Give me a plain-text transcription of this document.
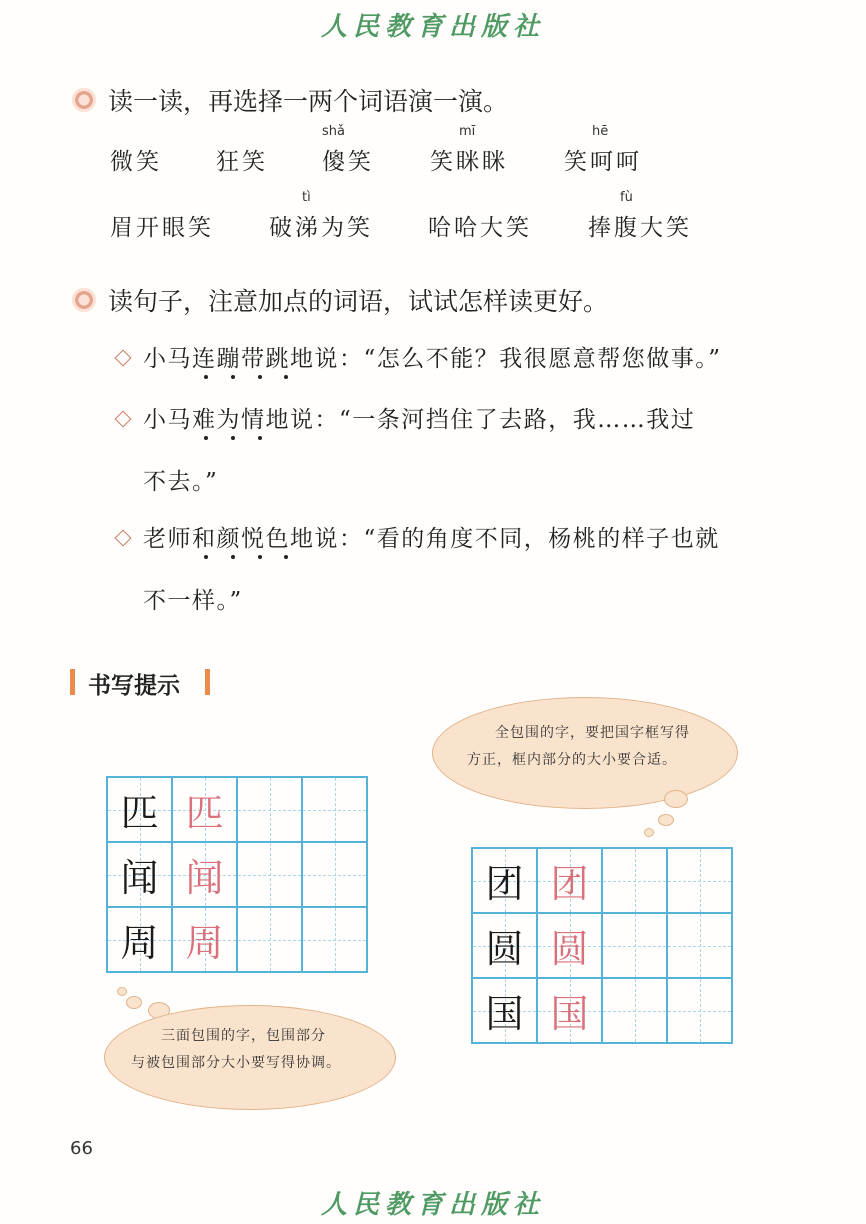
人民教育出版社
读一读，再选择一两个词语演一演。
微笑 狂笑
shǎ
傻笑
mī
笑眯眯
hē
笑呵呵
眉开眼笑
tì
破涕为笑 哈哈大笑
fù
捧腹大笑
读句子，注意加点的词语，试试怎样读更好。
小马连蹦带跳地说：“怎么不能？我很愿意帮您做事。”
小马难为情地说：“一条河挡住了去路，我……我过
不去。”
老师和颜悦色地说：“看的角度不同，杨桃的样子也就
不一样。”
书写提示
全包围的字，要把国字框写得
方正，框内部分的大小要合适。
匹 匹
闻 闻
周 周
团 团
圆 圆
国 国
三面包围的字，包围部分
与被包围部分大小要写得协调。
66
人民教育出版社
